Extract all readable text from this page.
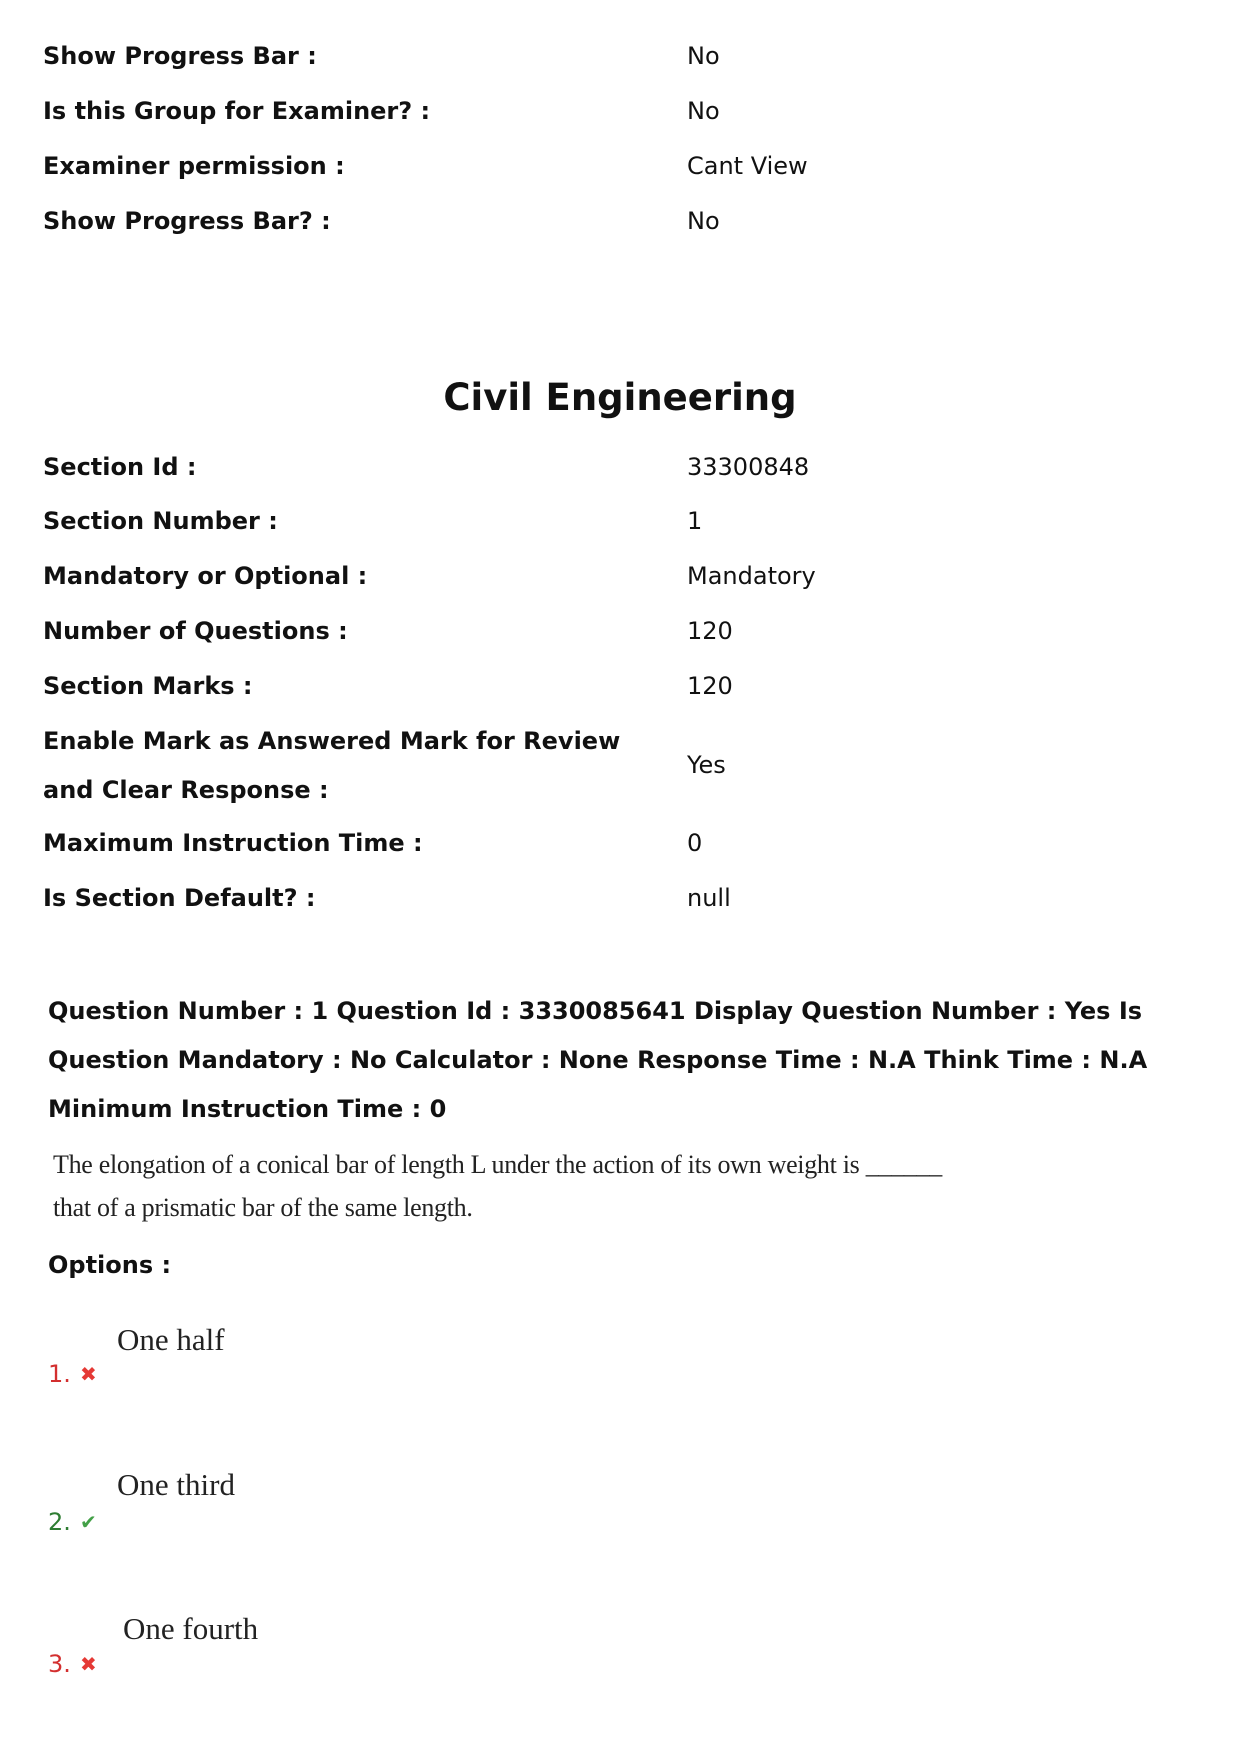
Show Progress Bar :	No
Is this Group for Examiner? :	No
Examiner permission :	Cant View
Show Progress Bar? :	No
Civil Engineering
Section Id :	33300848
Section Number :	1
Mandatory or Optional :	Mandatory
Number of Questions :	120
Section Marks :	120
Enable Mark as Answered Mark for Review and Clear Response :
Yes
Maximum Instruction Time :	0
Is Section Default? :	null
Question Number : 1 Question Id : 3330085641 Display Question Number : Yes Is Question Mandatory : No Calculator : None Response Time : N.A Think Time : N.A Minimum Instruction Time : 0
The elongation of a conical bar of length L under the action of its own weight is ______ that of a prismatic bar of the same length.
Options :
1. ✖
One half
2. ✔
One third
3. ✖
One fourth
